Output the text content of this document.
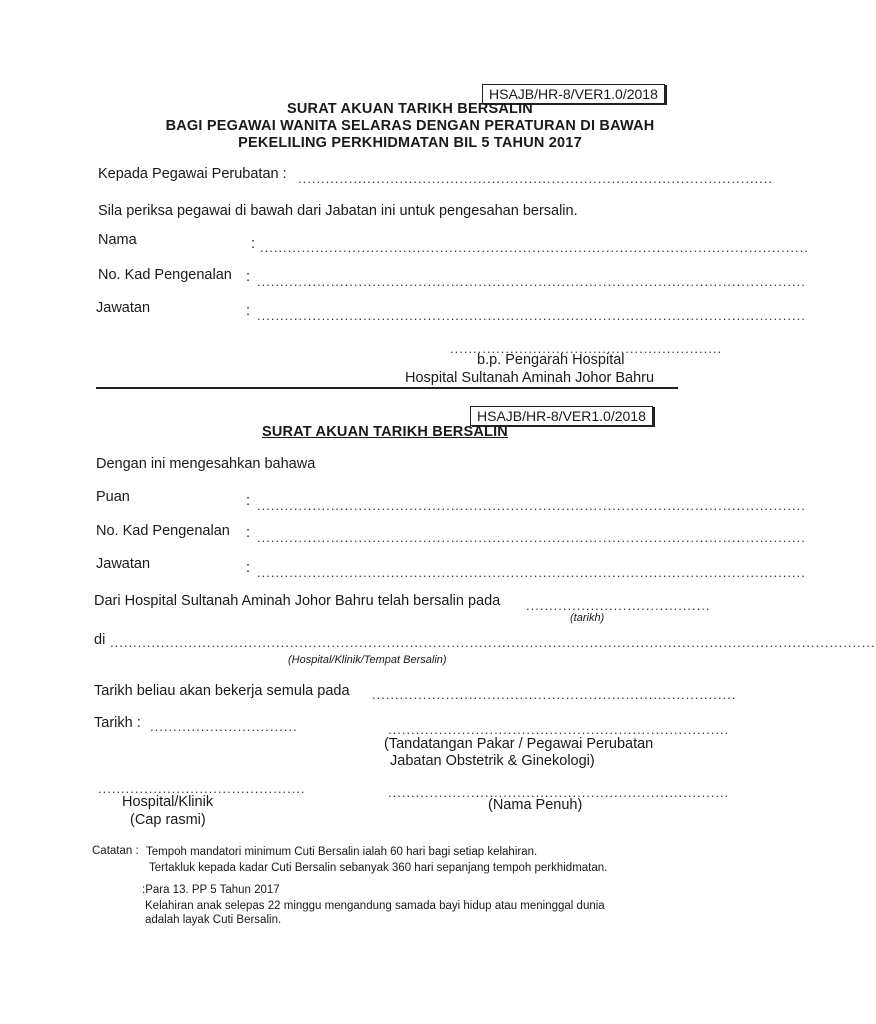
HSAJB/HR-8/VER1.0/2018
SURAT AKUAN TARIKH BERSALIN
BAGI PEGAWAI WANITA SELARAS DENGAN PERATURAN DI BAWAH
PEKELILING PERKHIDMATAN BIL 5 TAHUN 2017
Kepada Pegawai Perubatan : .......................................................................................................
Sila periksa pegawai di bawah dari Jabatan ini untuk pengesahan bersalin.
Nama	: .......................................................................................................................
No. Kad Pengenalan : .......................................................................................................................
Jawatan	: .......................................................................................................................
...........................................................
b.p. Pengarah Hospital
Hospital Sultanah Aminah Johor Bahru
HSAJB/HR-8/VER1.0/2018
SURAT AKUAN TARIKH BERSALIN
Dengan ini mengesahkan bahawa
Puan	: .......................................................................................................................
No. Kad Pengenalan : .......................................................................................................................
Jawatan	: .......................................................................................................................
Dari Hospital Sultanah Aminah Johor Bahru telah bersalin pada ........................................
(tarikh)
di ......................................................................................................................................................................
(Hospital/Klinik/Tempat Bersalin)
Tarikh beliau akan bekerja semula pada ...............................................................................
Tarikh : ................................	..........................................................................
(Tandatangan Pakar / Pegawai Perubatan
Jabatan Obstetrik & Ginekologi)
.............................................
Hospital/Klinik
(Cap rasmi)
..........................................................................
(Nama Penuh)
Catatan : Tempoh mandatori minimum Cuti Bersalin ialah 60 hari bagi setiap kelahiran.
Tertakluk kepada kadar Cuti Bersalin sebanyak 360 hari sepanjang tempoh perkhidmatan.
:Para 13. PP 5 Tahun 2017
Kelahiran anak selepas 22 minggu mengandung samada bayi hidup atau meninggal dunia
adalah layak Cuti Bersalin.
